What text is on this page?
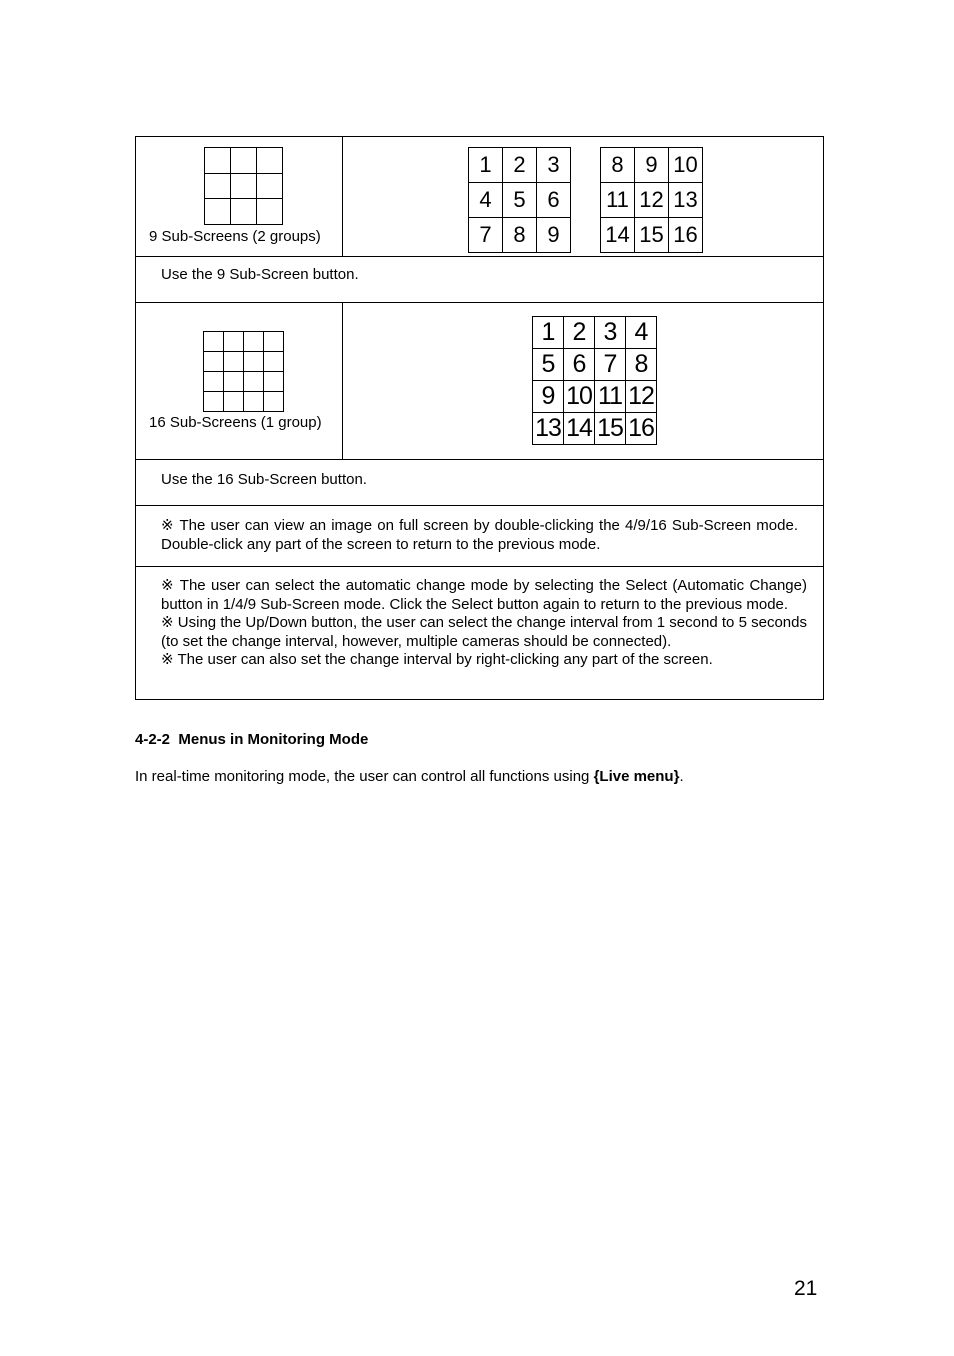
9 Sub-Screens (2 groups)
1	2	3
4	5	6
7	8	9
8	9	10
11	12	13
14	15	16
Use the 9 Sub-Screen button.

16 Sub-Screens (1 group)
1	2	3	4
5	6	7	8
9	10	11	12
13	14	15	16
Use the 16 Sub-Screen button.
※ The user can view an image on full screen by double-clicking the 4/9/16 Sub-Screen mode. Double-click any part of the screen to return to the previous mode.
※ The user can select the automatic change mode by selecting the Select (Automatic Change) button in 1/4/9 Sub-Screen mode. Click the Select button again to return to the previous mode.
※ Using the Up/Down button, the user can select the change interval from 1 second to 5 seconds (to set the change interval, however, multiple cameras should be connected).
※ The user can also set the change interval by right-clicking any part of the screen.
4-2-2  Menus in Monitoring Mode
In real-time monitoring mode, the user can control all functions using {Live menu}.
21
